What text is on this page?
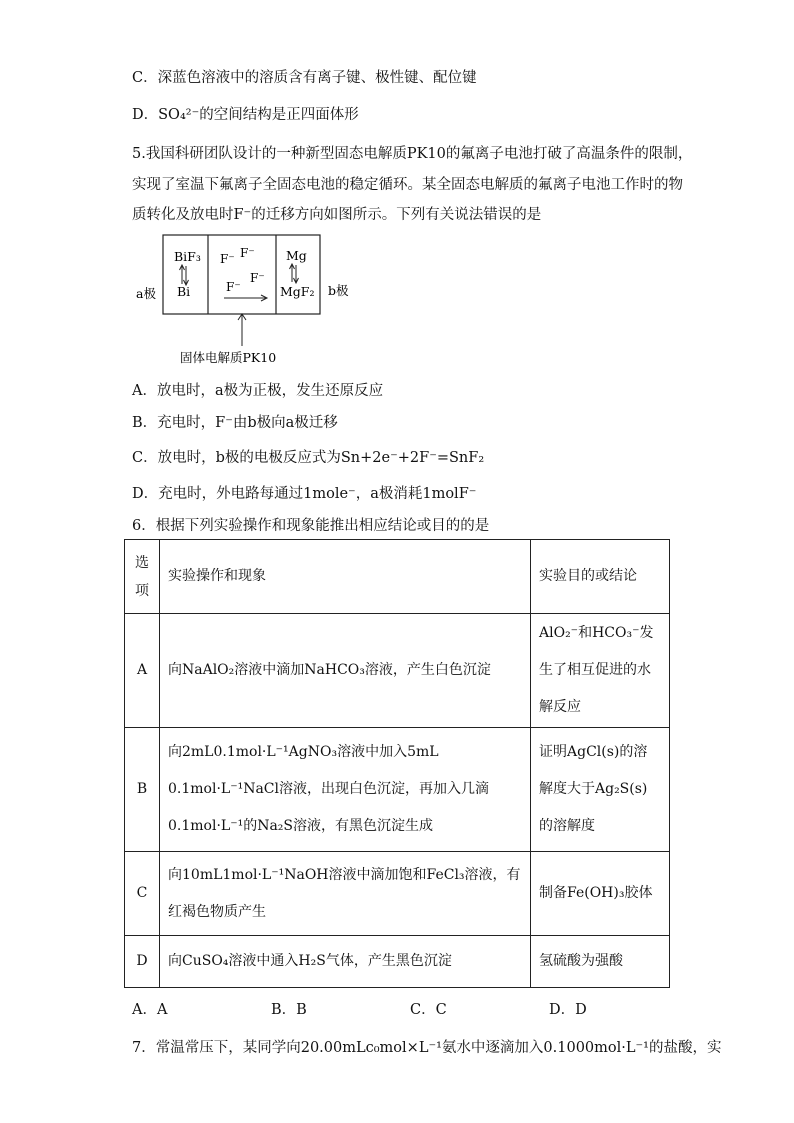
C．深蓝色溶液中的溶质含有离子键、极性键、配位键
D．SO₄²⁻的空间结构是正四面体形
5.我国科研团队设计的一种新型固态电解质PK10的氟离子电池打破了高温条件的限制，
实现了室温下氟离子全固态电池的稳定循环。某全固态电解质的氟离子电池工作时的物
质转化及放电时F⁻的迁移方向如图所示。下列有关说法错误的是
BiF₃
Bi
F⁻ F⁻
F⁻
F⁻
Mg
MgF₂
a极	b极
固体电解质PK10
A．放电时，a极为正极，发生还原反应
B．充电时，F⁻由b极向a极迁移
C．放电时，b极的电极反应式为Sn+2e⁻+2F⁻=SnF₂
D．充电时，外电路每通过1mole⁻，a极消耗1molF⁻
6．根据下列实验操作和现象能推出相应结论或目的的是
选项	实验操作和现象	实验目的或结论
A	向NaAlO₂溶液中滴加NaHCO₃溶液，产生白色沉淀	AlO₂⁻和HCO₃⁻发生了相互促进的水解反应
B	向2mL0.1mol·L⁻¹AgNO₃溶液中加入5mL 0.1mol·L⁻¹NaCl溶液，出现白色沉淀，再加入几滴0.1mol·L⁻¹的Na₂S溶液，有黑色沉淀生成	证明AgCl(s)的溶解度大于Ag₂S(s)的溶解度
C	向10mL1mol·L⁻¹NaOH溶液中滴加饱和FeCl₃溶液，有红褐色物质产生	制备Fe(OH)₃胶体
D	向CuSO₄溶液中通入H₂S气体，产生黑色沉淀	氢硫酸为强酸
A．A	B．B	C．C	D．D
7．常温常压下，某同学向20.00mLc₀mol×L⁻¹氨水中逐滴加入0.1000mol·L⁻¹的盐酸，实
